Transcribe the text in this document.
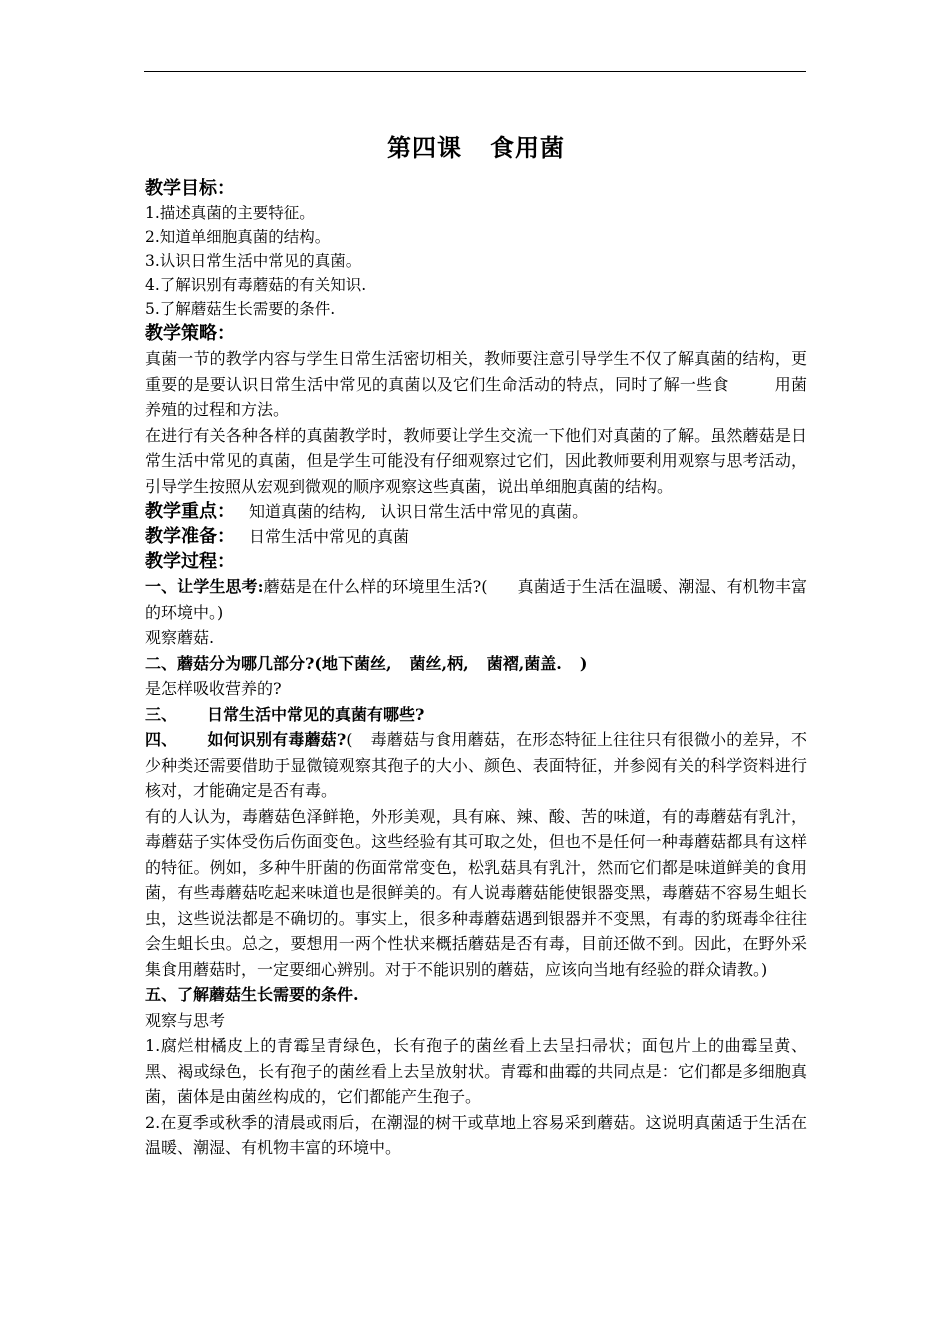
第四课 食用菌
教学目标：
1.描述真菌的主要特征。
2.知道单细胞真菌的结构。
3.认识日常生活中常见的真菌。
4.了解识别有毒蘑菇的有关知识.
5.了解蘑菇生长需要的条件.
教学策略：
真菌一节的教学内容与学生日常生活密切相关，教师要注意引导学生不仅了解真菌的结构，更重要的是要认识日常生活中常见的真菌以及它们生命活动的特点，同时了解一些食	用菌养殖的过程和方法。
在进行有关各种各样的真菌教学时，教师要让学生交流一下他们对真菌的了解。虽然蘑菇是日常生活中常见的真菌，但是学生可能没有仔细观察过它们，因此教师要利用观察与思考活动，引导学生按照从宏观到微观的顺序观察这些真菌，说出单细胞真菌的结构。
教学重点： 知道真菌的结构, 认识日常生活中常见的真菌。
教学准备： 日常生活中常见的真菌
教学过程：
一、让学生思考:蘑菇是在什么样的环境里生活?( 真菌适于生活在温暖、潮湿、有机物丰富的环境中。)
观察蘑菇.
二、蘑菇分为哪几部分?(地下菌丝, 菌丝,柄, 菌褶,菌盖. )
是怎样吸收营养的?
三、 日常生活中常见的真菌有哪些?
四、 如何识别有毒蘑菇?( 毒蘑菇与食用蘑菇，在形态特征上往往只有很微小的差异，不少种类还需要借助于显微镜观察其孢子的大小、颜色、表面特征，并参阅有关的科学资料进行核对，才能确定是否有毒。
有的人认为，毒蘑菇色泽鲜艳，外形美观，具有麻、辣、酸、苦的味道，有的毒蘑菇有乳汁，毒蘑菇子实体受伤后伤面变色。这些经验有其可取之处，但也不是任何一种毒蘑菇都具有这样的特征。例如，多种牛肝菌的伤面常常变色，松乳菇具有乳汁，然而它们都是味道鲜美的食用菌，有些毒蘑菇吃起来味道也是很鲜美的。有人说毒蘑菇能使银器变黑，毒蘑菇不容易生蛆长虫，这些说法都是不确切的。事实上，很多种毒蘑菇遇到银器并不变黑，有毒的豹斑毒伞往往会生蛆长虫。总之，要想用一两个性状来概括蘑菇是否有毒，目前还做不到。因此，在野外采集食用蘑菇时，一定要细心辨别。对于不能识别的蘑菇，应该向当地有经验的群众请教。)
五、了解蘑菇生长需要的条件.
观察与思考
1.腐烂柑橘皮上的青霉呈青绿色，长有孢子的菌丝看上去呈扫帚状；面包片上的曲霉呈黄、黑、褐或绿色，长有孢子的菌丝看上去呈放射状。青霉和曲霉的共同点是：它们都是多细胞真菌，菌体是由菌丝构成的，它们都能产生孢子。
2.在夏季或秋季的清晨或雨后，在潮湿的树干或草地上容易采到蘑菇。这说明真菌适于生活在温暖、潮湿、有机物丰富的环境中。
